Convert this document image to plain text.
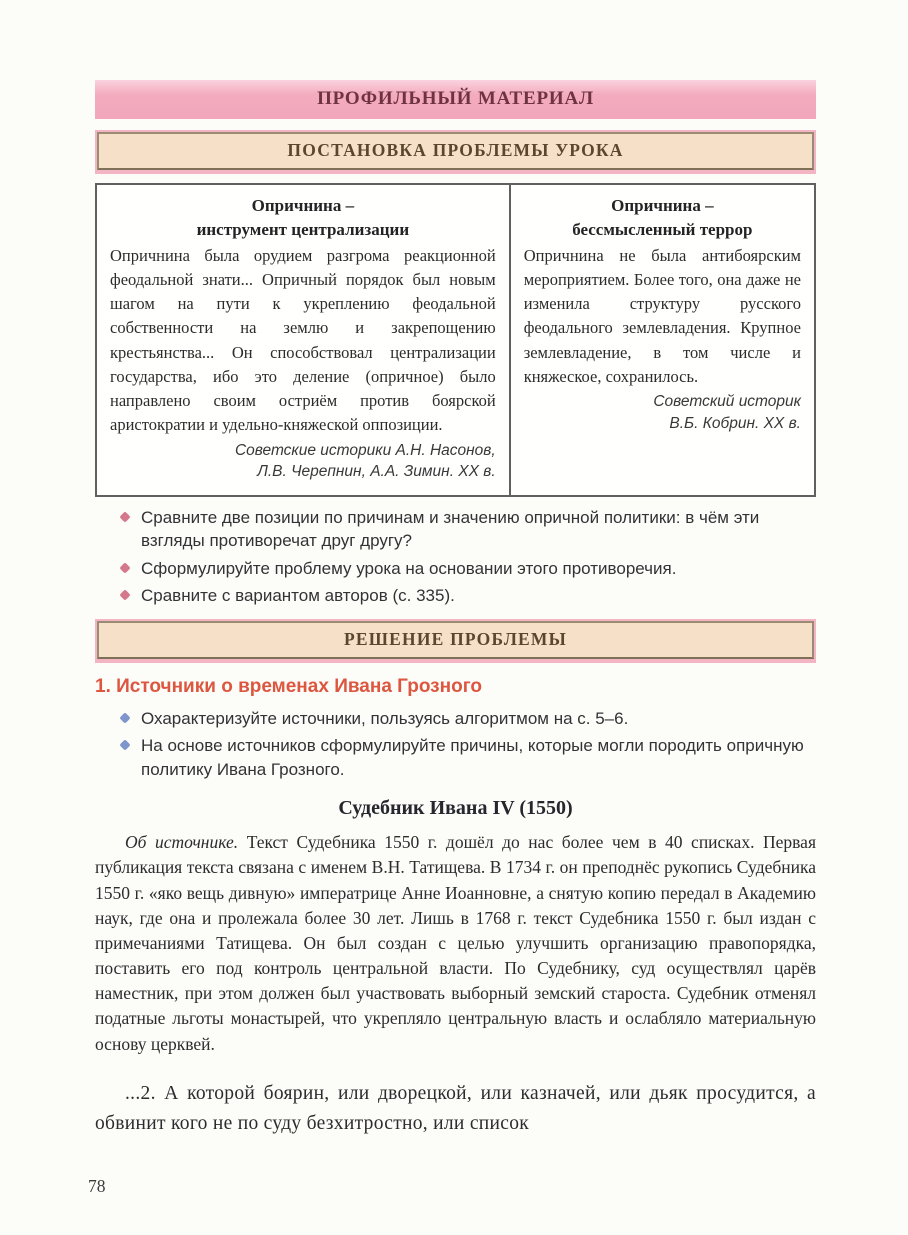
ПРОФИЛЬНЫЙ МАТЕРИАЛ
ПОСТАНОВКА ПРОБЛЕМЫ УРОКА
Опричнина –
инструмент централизации

Опричнина была орудием разгрома реакционной феодальной знати... Опричный порядок был новым шагом на пути к укреплению феодальной собственности на землю и закрепощению крестьянства... Он способствовал централизации государства, ибо это деление (опричное) было направлено своим остриём против боярской аристократии и удельно-княжеской оппозиции.

Советские историки А.Н. Насонов,
Л.В. Черепнин, А.А. Зимин. XX в.
Опричнина –
бессмысленный террор

Опричнина не была антибоярским мероприятием. Более того, она даже не изменила структуру русского феодального землевладения. Крупное землевладение, в том числе и княжеское, сохранилось.

Советский историк
В.Б. Кобрин. XX в.
Сравните две позиции по причинам и значению опричной политики: в чём эти взгляды противоречат друг другу?
Сформулируйте проблему урока на основании этого противоречия.
Сравните с вариантом авторов (с. 335).
РЕШЕНИЕ ПРОБЛЕМЫ
1. Источники о временах Ивана Грозного
Охарактеризуйте источники, пользуясь алгоритмом на с. 5–6.
На основе источников сформулируйте причины, которые могли породить опричную политику Ивана Грозного.
Судебник Ивана IV (1550)

Об источнике. Текст Судебника 1550 г. дошёл до нас более чем в 40 списках. Первая публикация текста связана с именем В.Н. Татищева. В 1734 г. он преподнёс рукопись Судебника 1550 г. «яко вещь дивную» императрице Анне Иоанновне, а снятую копию передал в Академию наук, где она и пролежала более 30 лет. Лишь в 1768 г. текст Судебника 1550 г. был издан с примечаниями Татищева. Он был создан с целью улучшить организацию правопорядка, поставить его под контроль центральной власти. По Судебнику, суд осуществлял царёв наместник, при этом должен был участвовать выборный земский староста. Судебник отменял податные льготы монастырей, что укрепляло центральную власть и ослабляло материальную основу церквей.

...2. А которой боярин, или дворецкой, или казначей, или дьяк просудится, а обвинит кого не по суду безхитростно, или список

78
